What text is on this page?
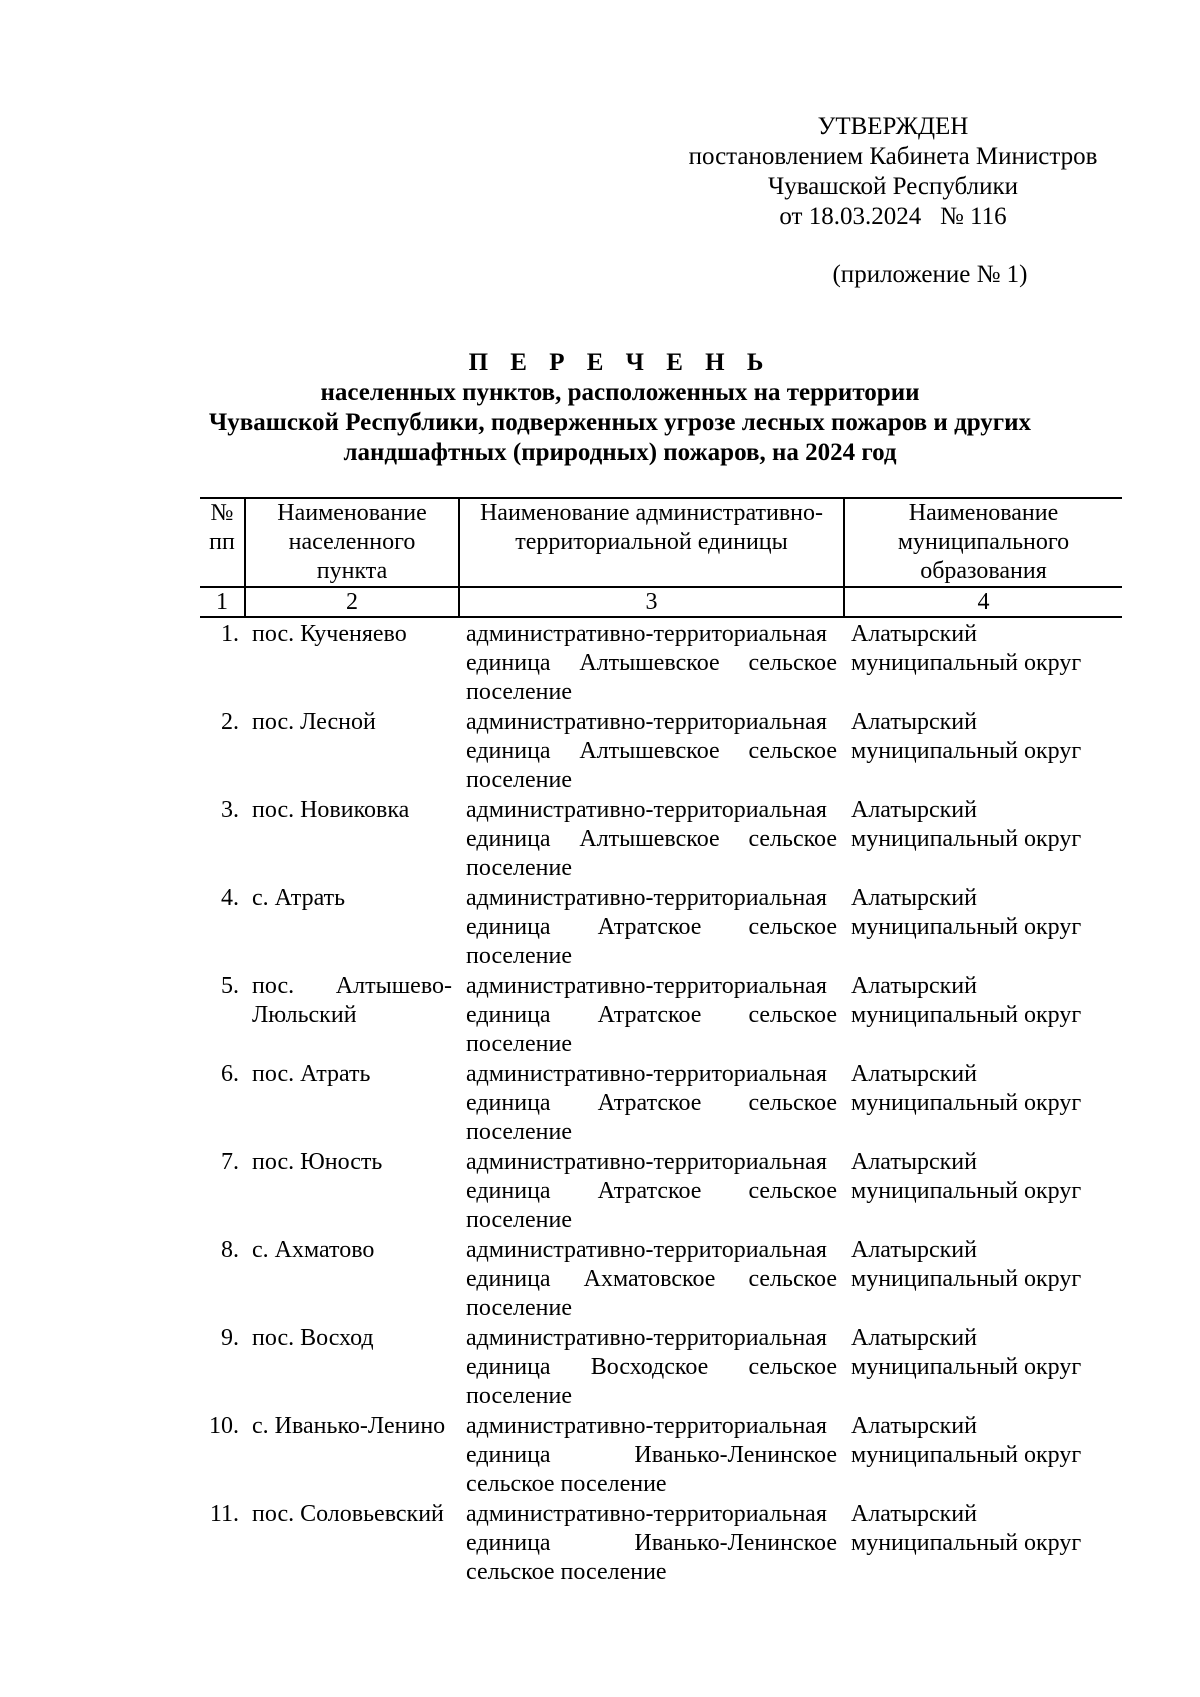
УТВЕРЖДЕН
постановлением Кабинета Министров
Чувашской Республики
от 18.03.2024   № 116
(приложение № 1)
П Е Р Е Ч Е Н Ь
населенных пунктов, расположенных на территории
Чувашской Республики, подверженных угрозе лесных пожаров и других
ландшафтных (природных) пожаров, на 2024 год
№ пп	Наименование населенного пункта	Наименование административно-территориальной единицы	Наименование муниципального образования
1	2	3	4
1.	пос. Кученяево	административно-территориальная единица Алтышевское сельское поселение	Алатырский муниципальный округ
2.	пос. Лесной	административно-территориальная единица Алтышевское сельское поселение	Алатырский муниципальный округ
3.	пос. Новиковка	административно-территориальная единица Алтышевское сельское поселение	Алатырский муниципальный округ
4.	с. Атрать	административно-территориальная единица Атратское сельское поселение	Алатырский муниципальный округ
5.	пос. Алтышево-Люльский	административно-территориальная единица Атратское сельское поселение	Алатырский муниципальный округ
6.	пос. Атрать	административно-территориальная единица Атратское сельское поселение	Алатырский муниципальный округ
7.	пос. Юность	административно-территориальная единица Атратское сельское поселение	Алатырский муниципальный округ
8.	с. Ахматово	административно-территориальная единица Ахматовское сельское поселение	Алатырский муниципальный округ
9.	пос. Восход	административно-территориальная единица Восходское сельское поселение	Алатырский муниципальный округ
10.	с. Иванько-Ленино	административно-территориальная единица Иванько-Ленинское сельское поселение	Алатырский муниципальный округ
11.	пос. Соловьевский	административно-территориальная единица Иванько-Ленинское сельское поселение	Алатырский муниципальный округ
